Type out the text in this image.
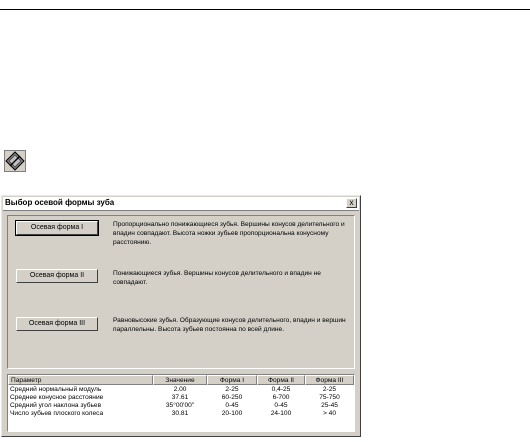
Выбор осевой формы зуба	x
Осевая форма I	Пропорционально понижающиеся зубья. Вершины конусов делительного и впадин совпадают. Высота ножки зубьев пропорциональна конусному расстоянию.
Осевая форма II	Понижающиеся зубья. Вершины конусов делительного и впадин не совпадают.
Осевая форма III	Равновысокие зубья. Образующие конусов делительного, впадин и вершин параллельны. Высота зубьев постоянна по всей длине.
Параметр	Значение	Форма I	Форма II	Форма III
Средний нормальный модуль	2.00	2-25	0,4-25	2-25
Среднее конусное расстояние	37.61	60-250	6-700	75-750
Средний угол наклона зубьев	35°00'00"	0-45	0-45	25-45
Число зубьев плоского колеса	30.81	20-100	24-100	> 40
